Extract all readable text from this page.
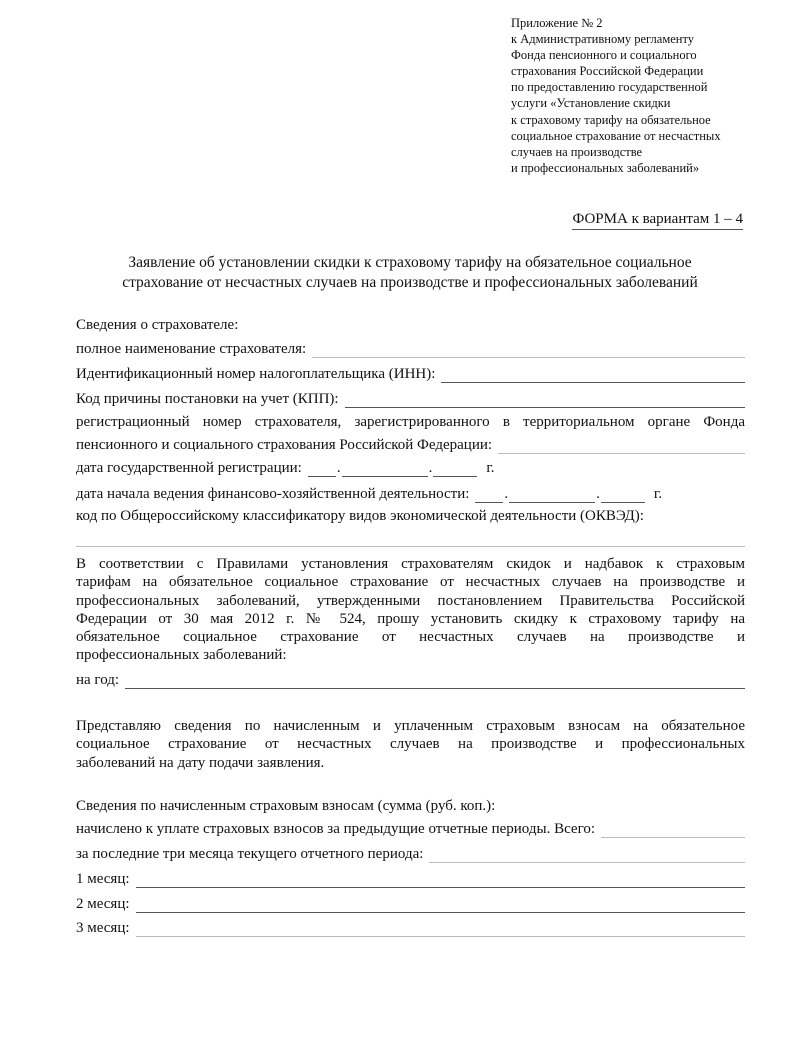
Приложение № 2
к Административному регламенту
Фонда пенсионного и социального
страхования Российской Федерации
по предоставлению государственной
услуги «Установление скидки
к страховому тарифу на обязательное
социальное страхование от несчастных
случаев на производстве
и профессиональных заболеваний»
ФОРМА к вариантам 1 – 4
Заявление об установлении скидки к страховому тарифу на обязательное социальное
страхование от несчастных случаев на производстве и профессиональных заболеваний
Сведения о страхователе:
полное наименование страхователя:
Идентификационный номер налогоплательщика (ИНН):
Код причины постановки на учет (КПП):
регистрационный номер страхователя, зарегистрированного в территориальном органе Фонда
пенсионного и социального страхования Российской Федерации:
дата государственной регистрации: .	.	г.
дата начала ведения финансово-хозяйственной деятельности: .	.	г.
код по Общероссийскому классификатору видов экономической деятельности (ОКВЭД):
В соответствии с Правилами установления страхователям скидок и надбавок к страховым
тарифам на обязательное социальное страхование от несчастных случаев на производстве и
профессиональных заболеваний, утвержденными постановлением Правительства Российской
Федерации от 30 мая 2012 г. № 524, прошу установить скидку к страховому тарифу на
обязательное социальное страхование от несчастных случаев на производстве и
профессиональных заболеваний:
на год:
Представляю сведения по начисленным и уплаченным страховым взносам на обязательное
социальное страхование от несчастных случаев на производстве и профессиональных
заболеваний на дату подачи заявления.
Сведения по начисленным страховым взносам (сумма (руб. коп.):
начислено к уплате страховых взносов за предыдущие отчетные периоды. Всего:
за последние три месяца текущего отчетного периода:
1 месяц:
2 месяц:
3 месяц:
